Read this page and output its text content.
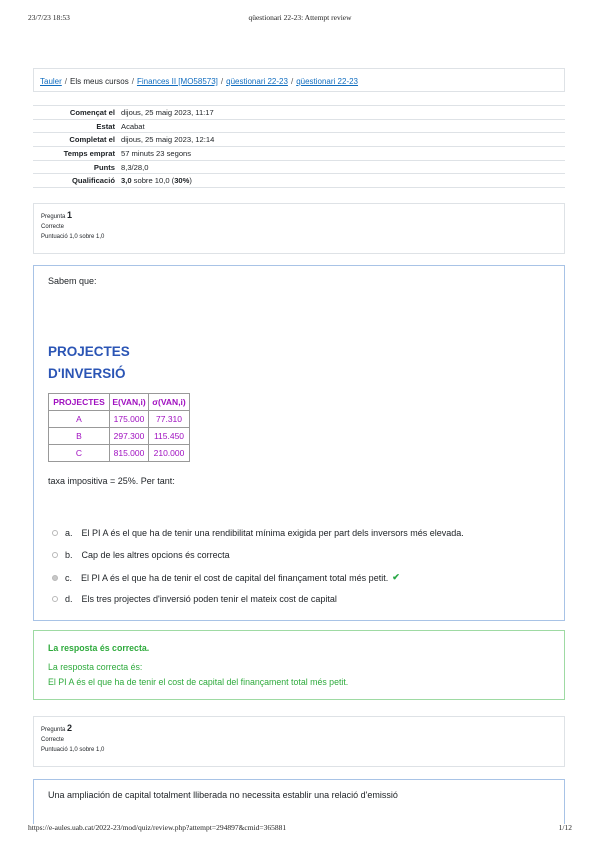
23/7/23 18:53	qüestionari 22-23: Attempt review
Tauler / Els meus cursos / Finances II [MO58573] / qüestionari 22-23 / qüestionari 22-23
Començat el	dijous, 25 maig 2023, 11:17
Estat	Acabat
Completat el	dijous, 25 maig 2023, 12:14
Temps emprat	57 minuts 23 segons
Punts	8,3/28,0
Qualificació	3,0 sobre 10,0 (30%)
Pregunta 1
Correcte
Puntuació 1,0 sobre 1,0
Sabem que:
PROJECTES
D'INVERSIÓ
PROJECTES	E(VAN,i)	σ(VAN,i)
A	175.000	77.310
B	297.300	115.450
C	815.000	210.000
taxa impositiva = 25%. Per tant:
a. El PI A és el que ha de tenir una rendibilitat mínima exigida per part dels inversors més elevada.
b. Cap de les altres opcions és correcta
c. El PI A és el que ha de tenir el cost de capital del finançament total més petit. ✔
d. Els tres projectes d'inversió poden tenir el mateix cost de capital
La resposta és correcta.
La resposta correcta és:
El PI A és el que ha de tenir el cost de capital del finançament total més petit.
Pregunta 2
Correcte
Puntuació 1,0 sobre 1,0
Una ampliación de capital totalment lliberada no necessita establir una relació d'emissió
https://e-aules.uab.cat/2022-23/mod/quiz/review.php?attempt=294897&cmid=365881	1/12
